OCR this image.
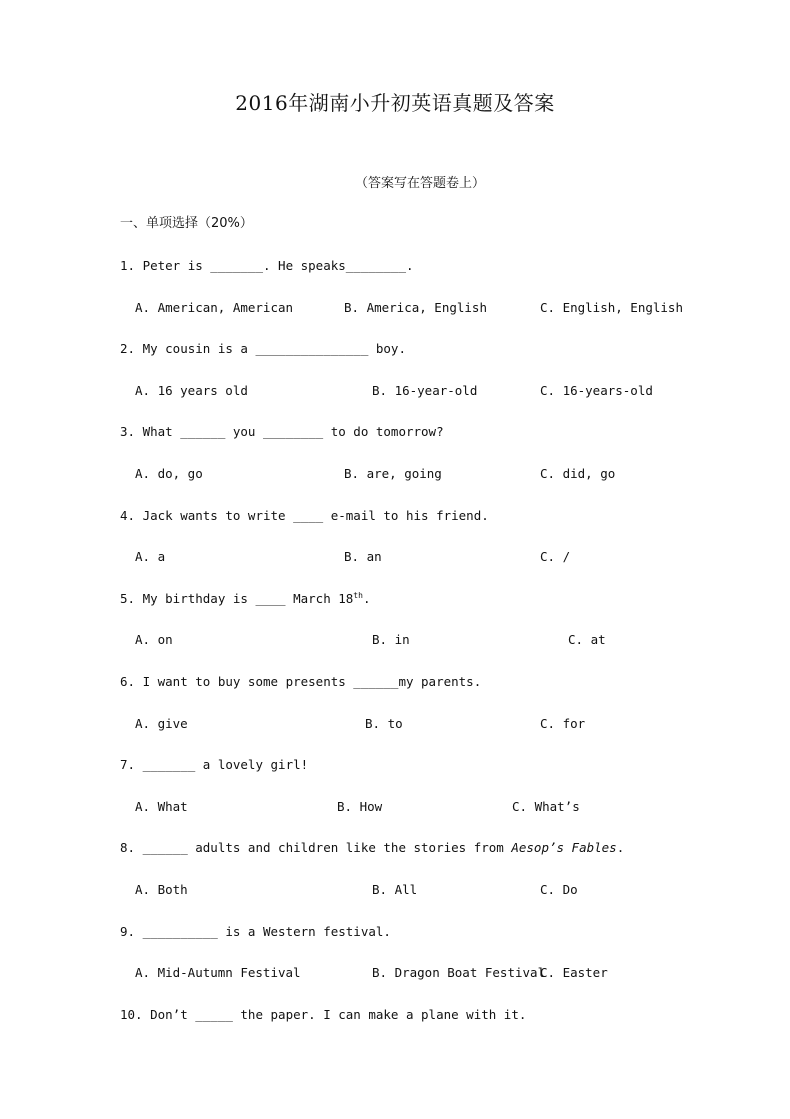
2016年湖南小升初英语真题及答案
（答案写在答题卷上）
一、单项选择（20%）
1. Peter is _______. He speaks________.
A. American, American	B. America, English	C. English, English
2. My cousin is a _______________ boy.
A. 16 years old	B. 16-year-old	C. 16-years-old
3. What ______ you ________ to do tomorrow?
A. do, go	B. are, going	C. did, go
4. Jack wants to write ____ e-mail to his friend.
A. a	B. an	C. /
5. My birthday is ____ March 18th.
A. on	B. in	C. at
6. I want to buy some presents ______my parents.
A. give	B. to	C. for
7. _______ a lovely girl!
A. What	B. How	C. What’s
8. ______ adults and children like the stories from Aesop’s Fables.
A. Both	B. All	C. Do
9. __________ is a Western festival.
A. Mid-Autumn Festival	B. Dragon Boat Festival
C. Easter
10. Don’t _____ the paper. I can make a plane with it.
